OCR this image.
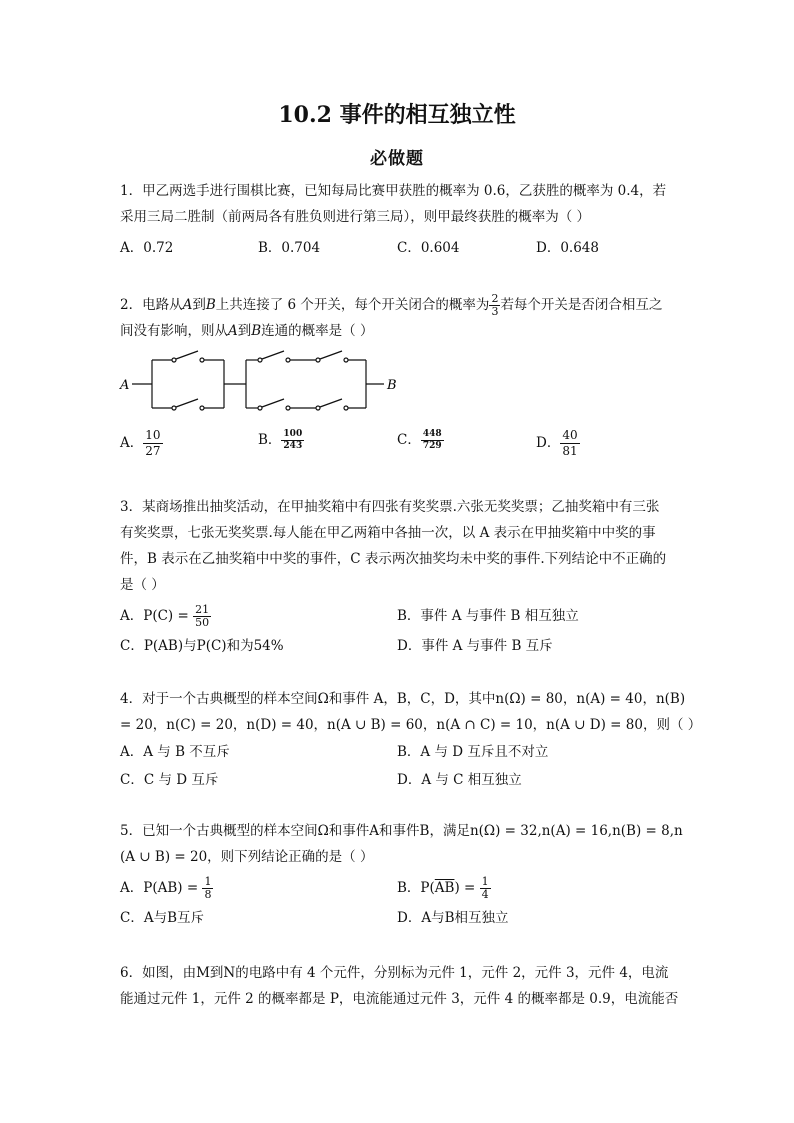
10.2 事件的相互独立性
必做题
1．甲乙两选手进行围棋比赛，已知每局比赛甲获胜的概率为 0.6，乙获胜的概率为 0.4，若
采用三局二胜制（前两局各有胜负则进行第三局），则甲最终获胜的概率为（ ）
A．0.72	B．0.704	C．0.604	D．0.648
2．电路从A到B上共连接了 6 个开关，每个开关闭合的概率为 $\frac{2}{3}$ 若每个开关是否闭合相互之
间没有影响，则从A到B连通的概率是（ ）
A	B
A． $\frac{10}{27}$	B． $\frac{100}{243}$	C． $\frac{448}{729}$	D． $\frac{40}{81}$
3．某商场推出抽奖活动，在甲抽奖箱中有四张有奖奖票.六张无奖奖票；乙抽奖箱中有三张
有奖奖票，七张无奖奖票.每人能在甲乙两箱中各抽一次，以 A 表示在甲抽奖箱中中奖的事
件，B 表示在乙抽奖箱中中奖的事件，C 表示两次抽奖均未中奖的事件.下列结论中不正确的
是（ ）
A．$P(C) = \frac{21}{50}$	B．事件 A 与事件 B 相互独立
C．P(AB)与P(C)和为54%	D．事件 A 与事件 B 互斥
4．对于一个古典概型的样本空间Ω和事件 A，B，C，D，其中n(Ω) = 80，n(A) = 40，n(B)
= 20，n(C) = 20，n(D) = 40，n(A ∪ B) = 60，n(A ∩ C) = 10，n(A ∪ D) = 80，则（ ）
A．A 与 B 不互斥	B．A 与 D 互斥且不对立
C．C 与 D 互斥	D．A 与 C 相互独立
5．已知一个古典概型的样本空间Ω和事件A和事件B，满足n(Ω) = 32,n(A) = 16,n(B) = 8,n
(A ∪ B) = 20，则下列结论正确的是（ ）
A．$P(AB) = \frac{1}{8}$	B．$P(\overline{AB}) = \frac{1}{4}$
C．A与B互斥	D．A与B相互独立
6．如图，由M到N的电路中有 4 个元件，分别标为元件 1，元件 2，元件 3，元件 4，电流
能通过元件 1，元件 2 的概率都是 P，电流能通过元件 3，元件 4 的概率都是 0.9，电流能否
